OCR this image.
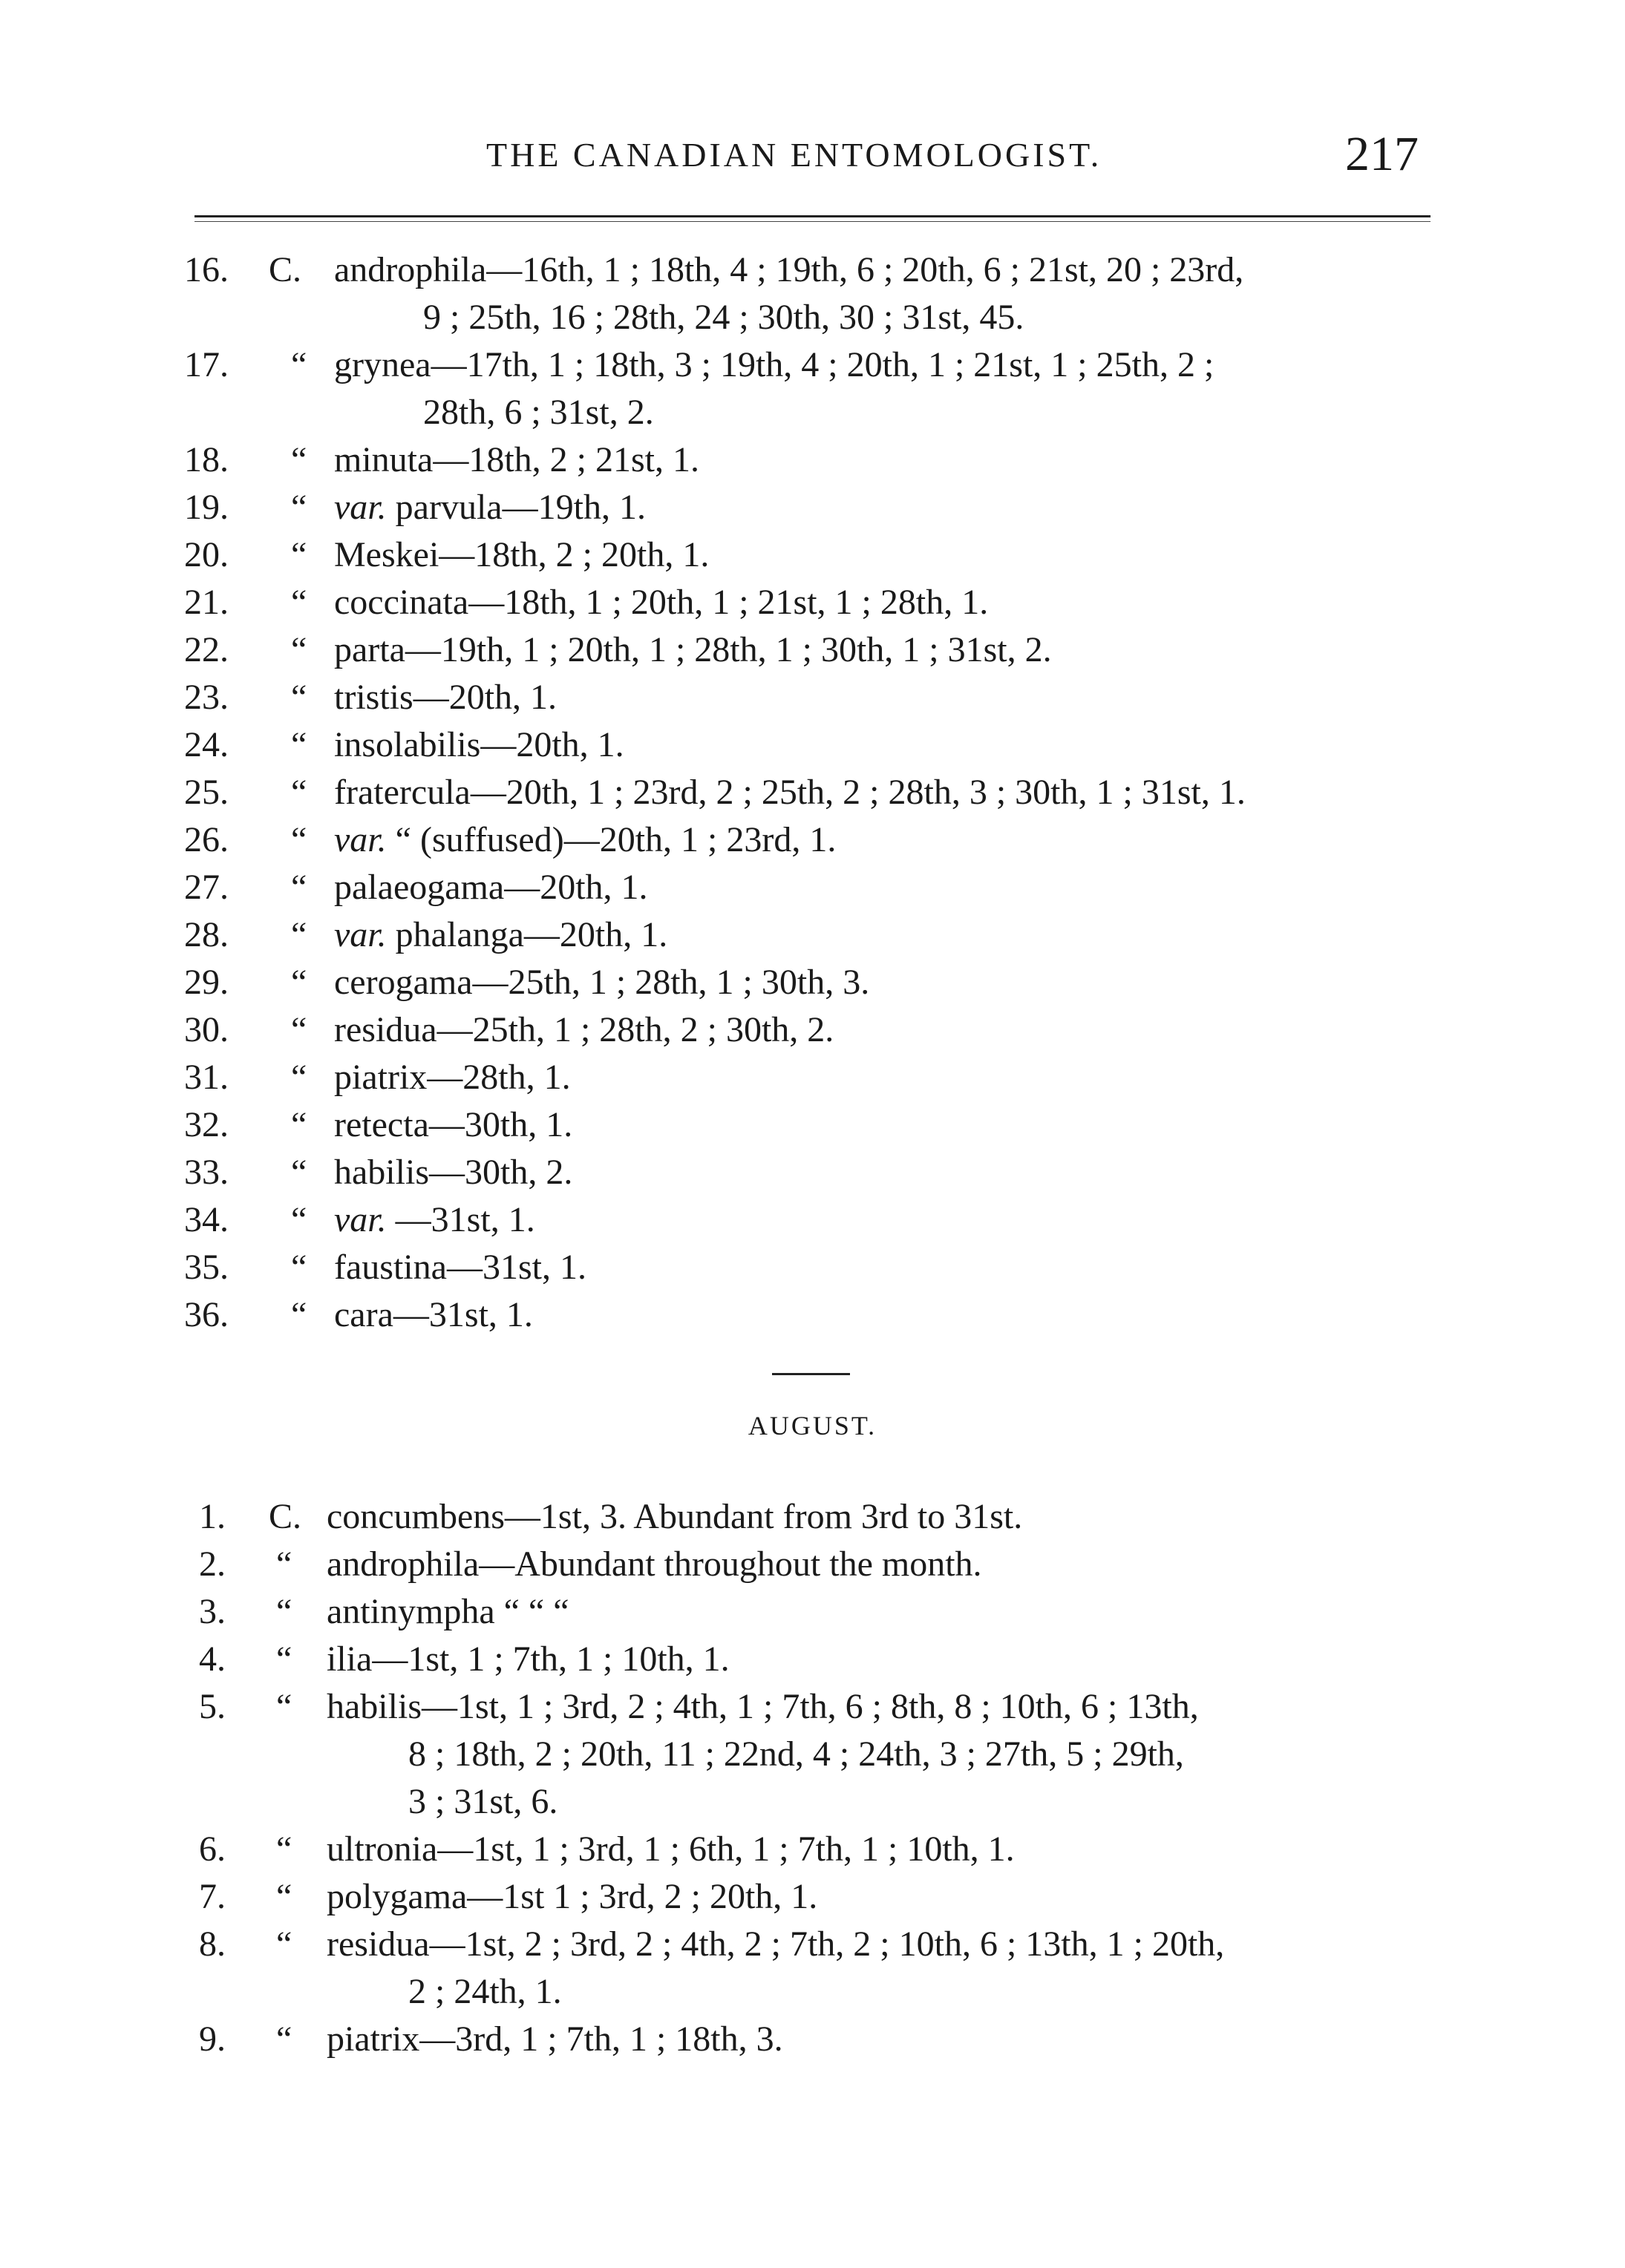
THE CANADIAN ENTOMOLOGIST.	217
16.	C. androphila—16th, 1 ; 18th, 4 ; 19th, 6 ; 20th, 6 ; 21st, 20 ; 23rd,
9 ; 25th, 16 ; 28th, 24 ; 30th, 30 ; 31st, 45.
17.	“ grynea—17th, 1 ; 18th, 3 ; 19th, 4 ; 20th, 1 ; 21st, 1 ; 25th, 2 ;
28th, 6 ; 31st, 2.
18.	“ minuta—18th, 2 ; 21st, 1.
19.	“ var. parvula—19th, 1.
20.	“ Meskei—18th, 2 ; 20th, 1.
21.	“ coccinata—18th, 1 ; 20th, 1 ; 21st, 1 ; 28th, 1.
22.	“ parta—19th, 1 ; 20th, 1 ; 28th, 1 ; 30th, 1 ; 31st, 2.
23.	“ tristis—20th, 1.
24.	“ insolabilis—20th, 1.
25.	“ fratercula—20th, 1 ; 23rd, 2 ; 25th, 2 ; 28th, 3 ; 30th, 1 ; 31st, 1.
26.	“ var. “ (suffused)—20th, 1 ; 23rd, 1.
27.	“ palaeogama—20th, 1.
28.	“ var. phalanga—20th, 1.
29.	“ cerogama—25th, 1 ; 28th, 1 ; 30th, 3.
30.	“ residua—25th, 1 ; 28th, 2 ; 30th, 2.
31.	“ piatrix—28th, 1.
32.	“ retecta—30th, 1.
33.	“ habilis—30th, 2.
34.	“ var. —31st, 1.
35.	“ faustina—31st, 1.
36.	“ cara—31st, 1.
AUGUST.
1.	C. concumbens—1st, 3. Abundant from 3rd to 31st.
2.	“ androphila—Abundant throughout the month.
3.	“ antinympha “ “ “
4.	“ ilia—1st, 1 ; 7th, 1 ; 10th, 1.
5.	“ habilis—1st, 1 ; 3rd, 2 ; 4th, 1 ; 7th, 6 ; 8th, 8 ; 10th, 6 ; 13th,
8 ; 18th, 2 ; 20th, 11 ; 22nd, 4 ; 24th, 3 ; 27th, 5 ; 29th,
3 ; 31st, 6.
6.	“ ultronia—1st, 1 ; 3rd, 1 ; 6th, 1 ; 7th, 1 ; 10th, 1.
7.	“ polygama—1st 1 ; 3rd, 2 ; 20th, 1.
8.	“ residua—1st, 2 ; 3rd, 2 ; 4th, 2 ; 7th, 2 ; 10th, 6 ; 13th, 1 ; 20th,
2 ; 24th, 1.
9.	“ piatrix—3rd, 1 ; 7th, 1 ; 18th, 3.
